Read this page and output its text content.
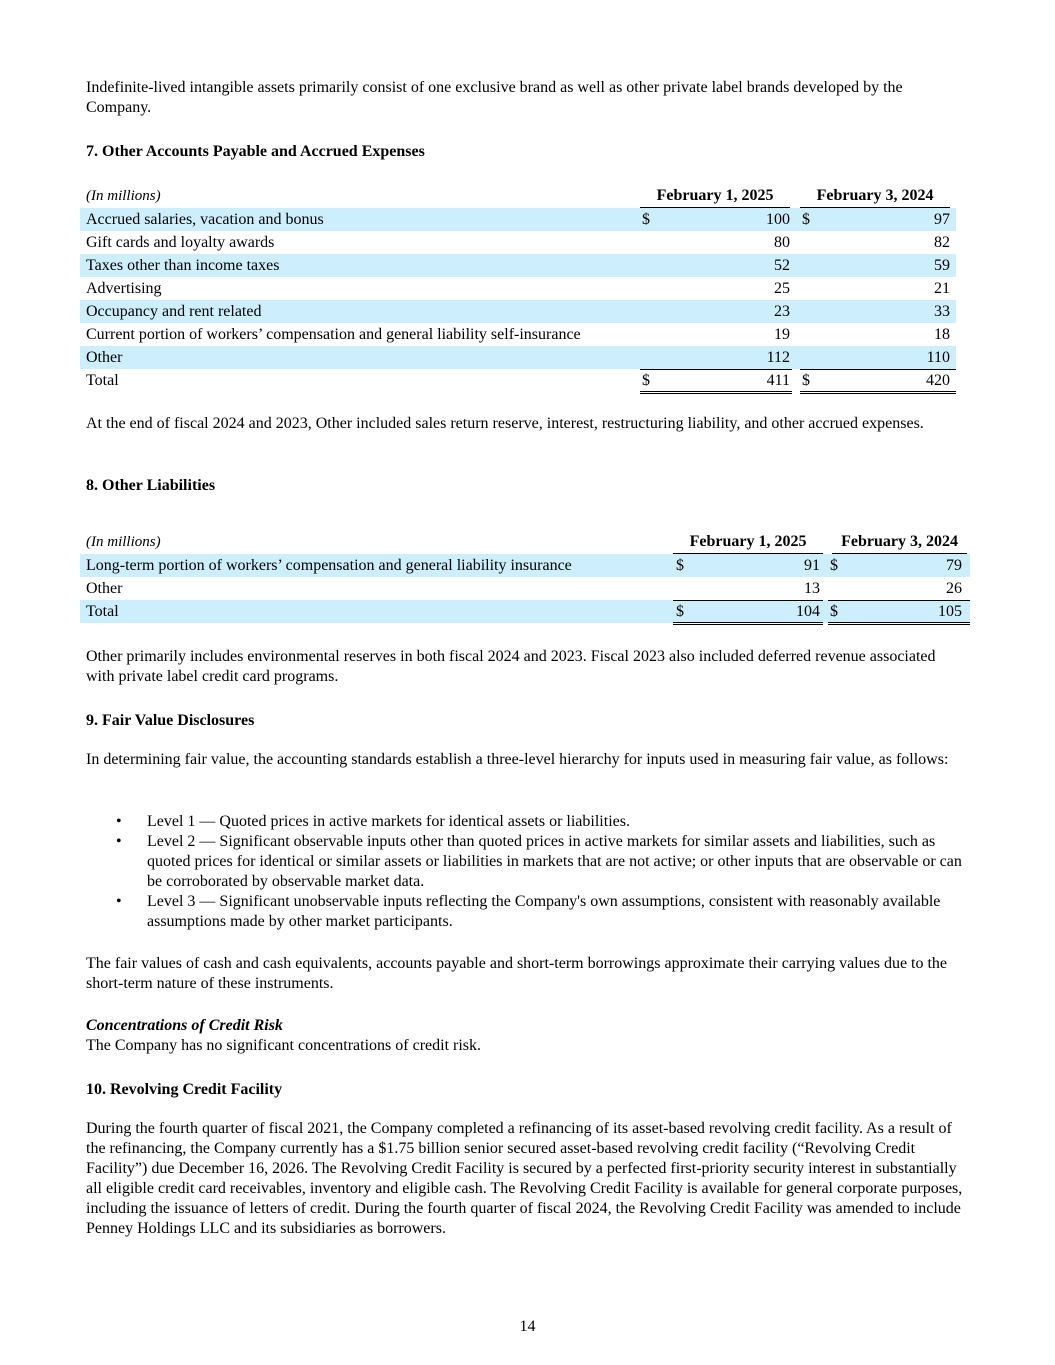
Indefinite-lived intangible assets primarily consist of one exclusive brand as well as other private label brands developed by the Company.
7. Other Accounts Payable and Accrued Expenses
(In millions)	February 1, 2025	February 3, 2024
Accrued salaries, vacation and bonus	$	100 $	97
Gift cards and loyalty awards	80	82
Taxes other than income taxes	52	59
Advertising	25	21
Occupancy and rent related	23	33
Current portion of workers’ compensation and general liability self-insurance	19	18
Other	112	110
Total	$	411 $	420
At the end of fiscal 2024 and 2023, Other included sales return reserve, interest, restructuring liability, and other accrued expenses.
8. Other Liabilities
(In millions)	February 1, 2025	February 3, 2024
Long-term portion of workers’ compensation and general liability insurance	$	91 $	79
Other	13	26
Total	$	104 $	105
Other primarily includes environmental reserves in both fiscal 2024 and 2023. Fiscal 2023 also included deferred revenue associated with private label credit card programs.
9. Fair Value Disclosures
In determining fair value, the accounting standards establish a three-level hierarchy for inputs used in measuring fair value, as follows:
• Level 1 — Quoted prices in active markets for identical assets or liabilities.
• Level 2 — Significant observable inputs other than quoted prices in active markets for similar assets and liabilities, such as quoted prices for identical or similar assets or liabilities in markets that are not active; or other inputs that are observable or can be corroborated by observable market data.
• Level 3 — Significant unobservable inputs reflecting the Company's own assumptions, consistent with reasonably available assumptions made by other market participants.
The fair values of cash and cash equivalents, accounts payable and short-term borrowings approximate their carrying values due to the short-term nature of these instruments.
Concentrations of Credit Risk
The Company has no significant concentrations of credit risk.
10. Revolving Credit Facility
During the fourth quarter of fiscal 2021, the Company completed a refinancing of its asset-based revolving credit facility. As a result of the refinancing, the Company currently has a $1.75 billion senior secured asset-based revolving credit facility (“Revolving Credit Facility”) due December 16, 2026. The Revolving Credit Facility is secured by a perfected first-priority security interest in substantially all eligible credit card receivables, inventory and eligible cash. The Revolving Credit Facility is available for general corporate purposes, including the issuance of letters of credit. During the fourth quarter of fiscal 2024, the Revolving Credit Facility was amended to include Penney Holdings LLC and its subsidiaries as borrowers.
14
